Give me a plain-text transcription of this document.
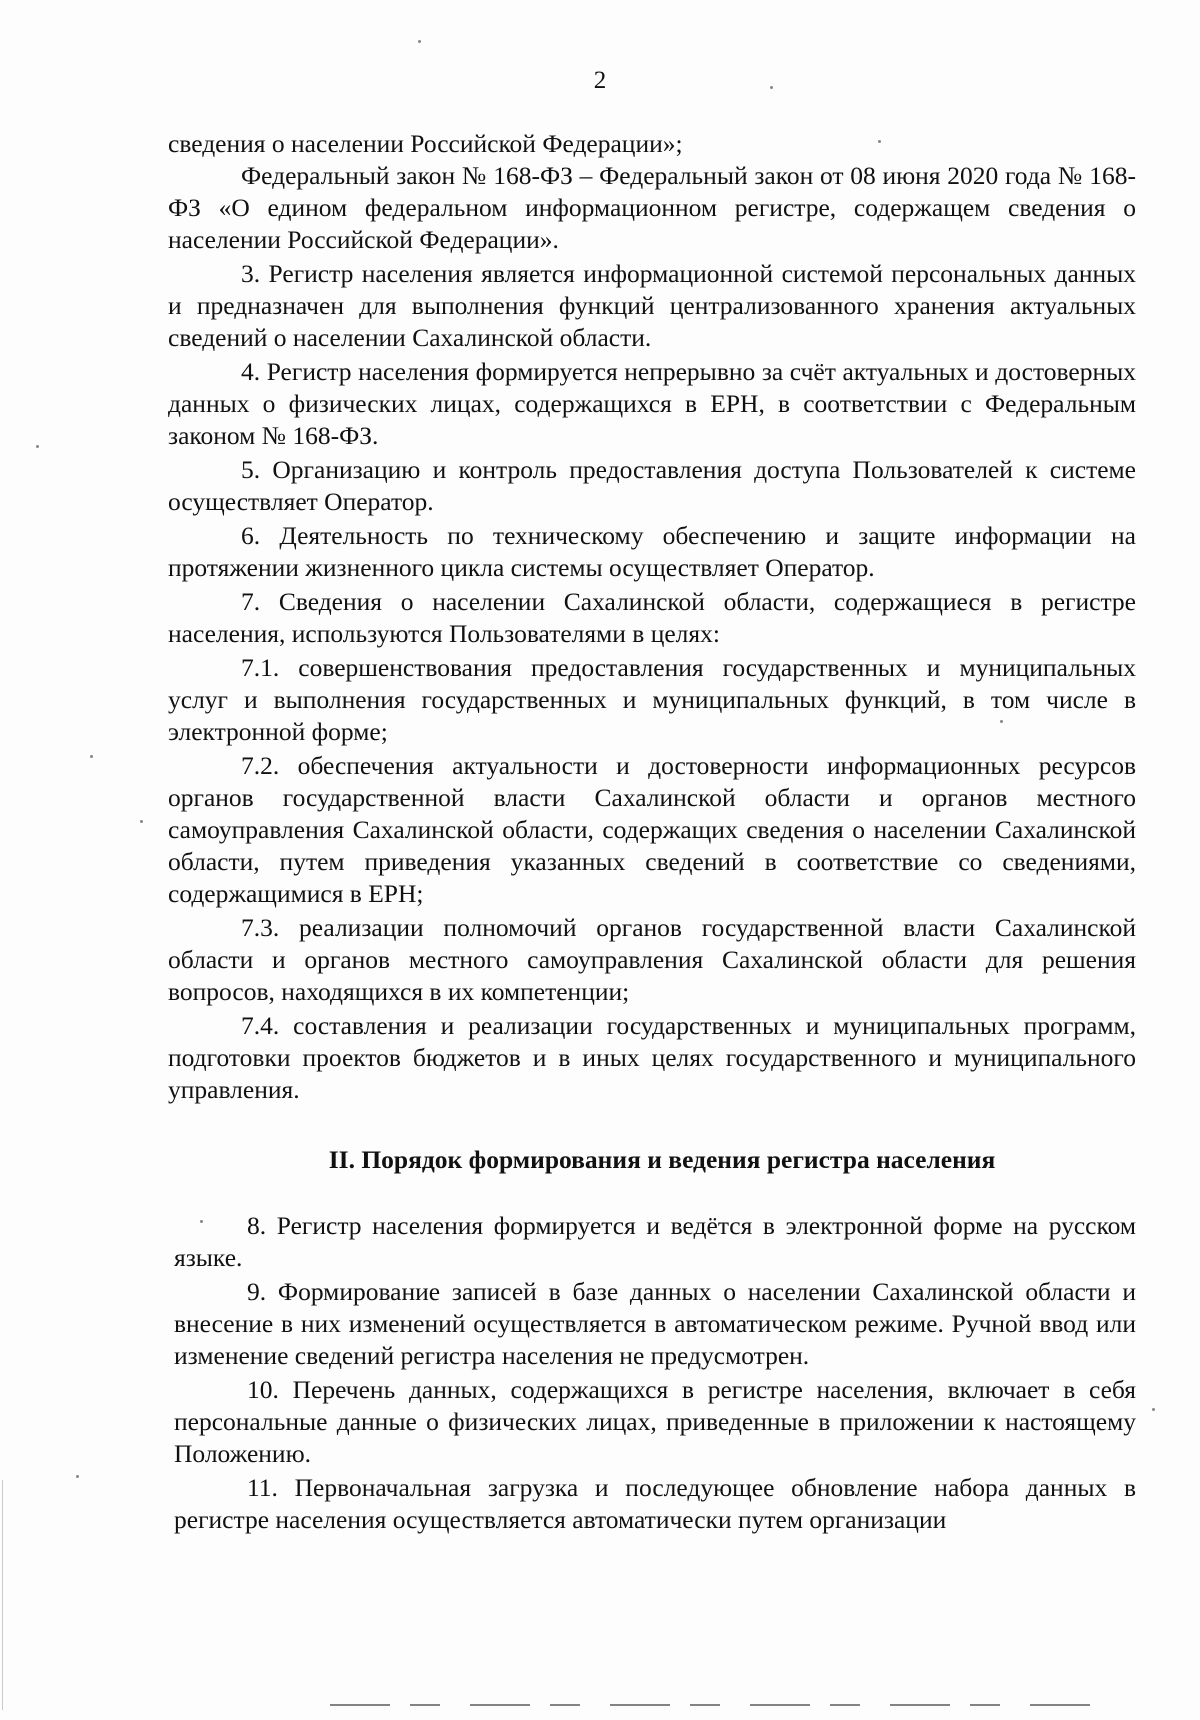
2

сведения о населении Российской Федерации»;

Федеральный закон № 168-ФЗ – Федеральный закон от 08 июня 2020 года № 168-ФЗ «О едином федеральном информационном регистре, содержащем сведения о населении Российской Федерации».

3. Регистр населения является информационной системой персональных данных и предназначен для выполнения функций централизованного хранения актуальных сведений о населении Сахалинской области.

4. Регистр населения формируется непрерывно за счёт актуальных и достоверных данных о физических лицах, содержащихся в ЕРН, в соответствии с Федеральным законом № 168-ФЗ.

5. Организацию и контроль предоставления доступа Пользователей к системе осуществляет Оператор.

6. Деятельность по техническому обеспечению и защите информации на протяжении жизненного цикла системы осуществляет Оператор.

7. Сведения о населении Сахалинской области, содержащиеся в регистре населения, используются Пользователями в целях:

7.1. совершенствования предоставления государственных и муниципальных услуг и выполнения государственных и муниципальных функций, в том числе в электронной форме;

7.2. обеспечения актуальности и достоверности информационных ресурсов органов государственной власти Сахалинской области и органов местного самоуправления Сахалинской области, содержащих сведения о населении Сахалинской области, путем приведения указанных сведений в соответствие со сведениями, содержащимися в ЕРН;

7.3. реализации полномочий органов государственной власти Сахалинской области и органов местного самоуправления Сахалинской области для решения вопросов, находящихся в их компетенции;

7.4. составления и реализации государственных и муниципальных программ, подготовки проектов бюджетов и в иных целях государственного и муниципального управления.

II. Порядок формирования и ведения регистра населения

8. Регистр населения формируется и ведётся в электронной форме на русском языке.

9. Формирование записей в базе данных о населении Сахалинской области и внесение в них изменений осуществляется в автоматическом режиме. Ручной ввод или изменение сведений регистра населения не предусмотрен.

10. Перечень данных, содержащихся в регистре населения, включает в себя персональные данные о физических лицах, приведенные в приложении к настоящему Положению.

11. Первоначальная загрузка и последующее обновление набора данных в регистре населения осуществляется автоматически путем организации
